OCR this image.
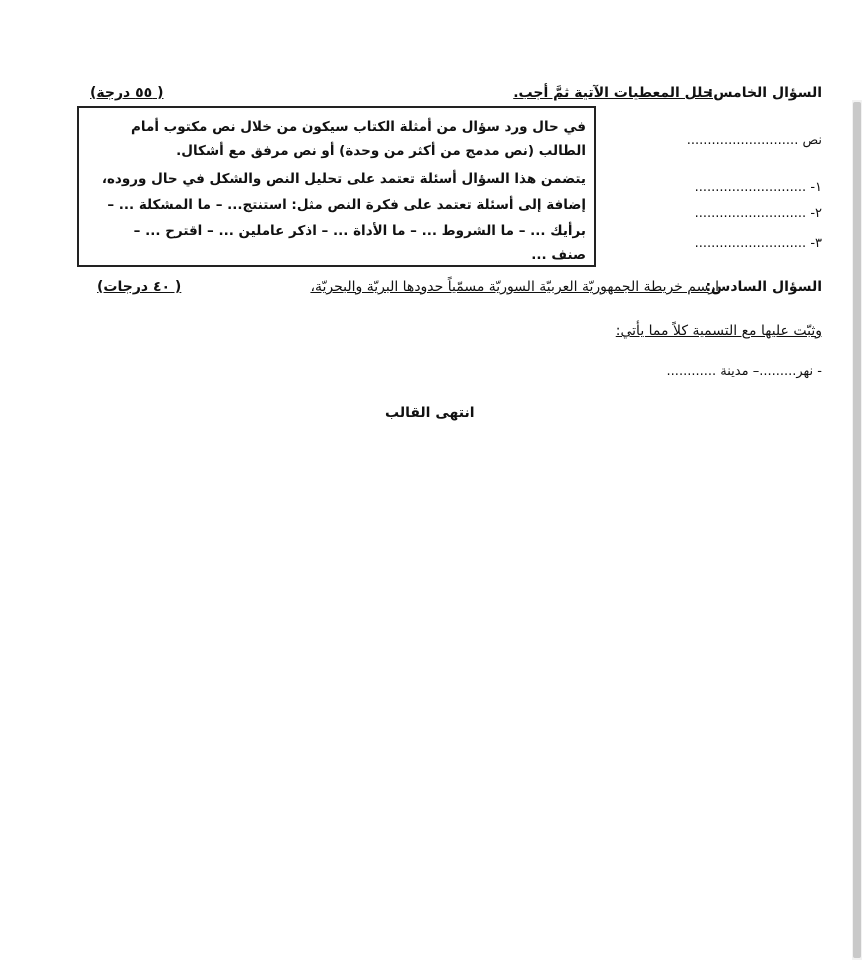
السؤال الخامس:
حلل المعطيات الآتية ثمَّ أجب.
( ٥٥ درجة)
في حال ورد سؤال من أمثلة الكتاب سيكون من خلال نص مكتوب أمام
الطالب (نص مدمج من أكثر من وحدة) أو نص مرفق مع أشكال.
يتضمن هذا السؤال أسئلة تعتمد على تحليل النص والشكل في حال وروده،
إضافة إلى أسئلة تعتمد على فكرة النص مثل: استنتج... – ما المشكلة ... –
برأيك ... – ما الشروط ... – ما الأداة ... – اذكر عاملين ... – اقترح ... –
صنف ...
نص ...........................
١- ...........................
٢- ...........................
٣- ...........................
السؤال السادس:
ارسم خريطة الجمهوريّة العربيّة السوريّة مسمّياً حدودها البريّة والبحريّة،
( ٤٠ درجات)
وثبّت عليها مع التسمية كلاً مما يأتي:
- نهر.........– مدينة ............
انتهى القالب
